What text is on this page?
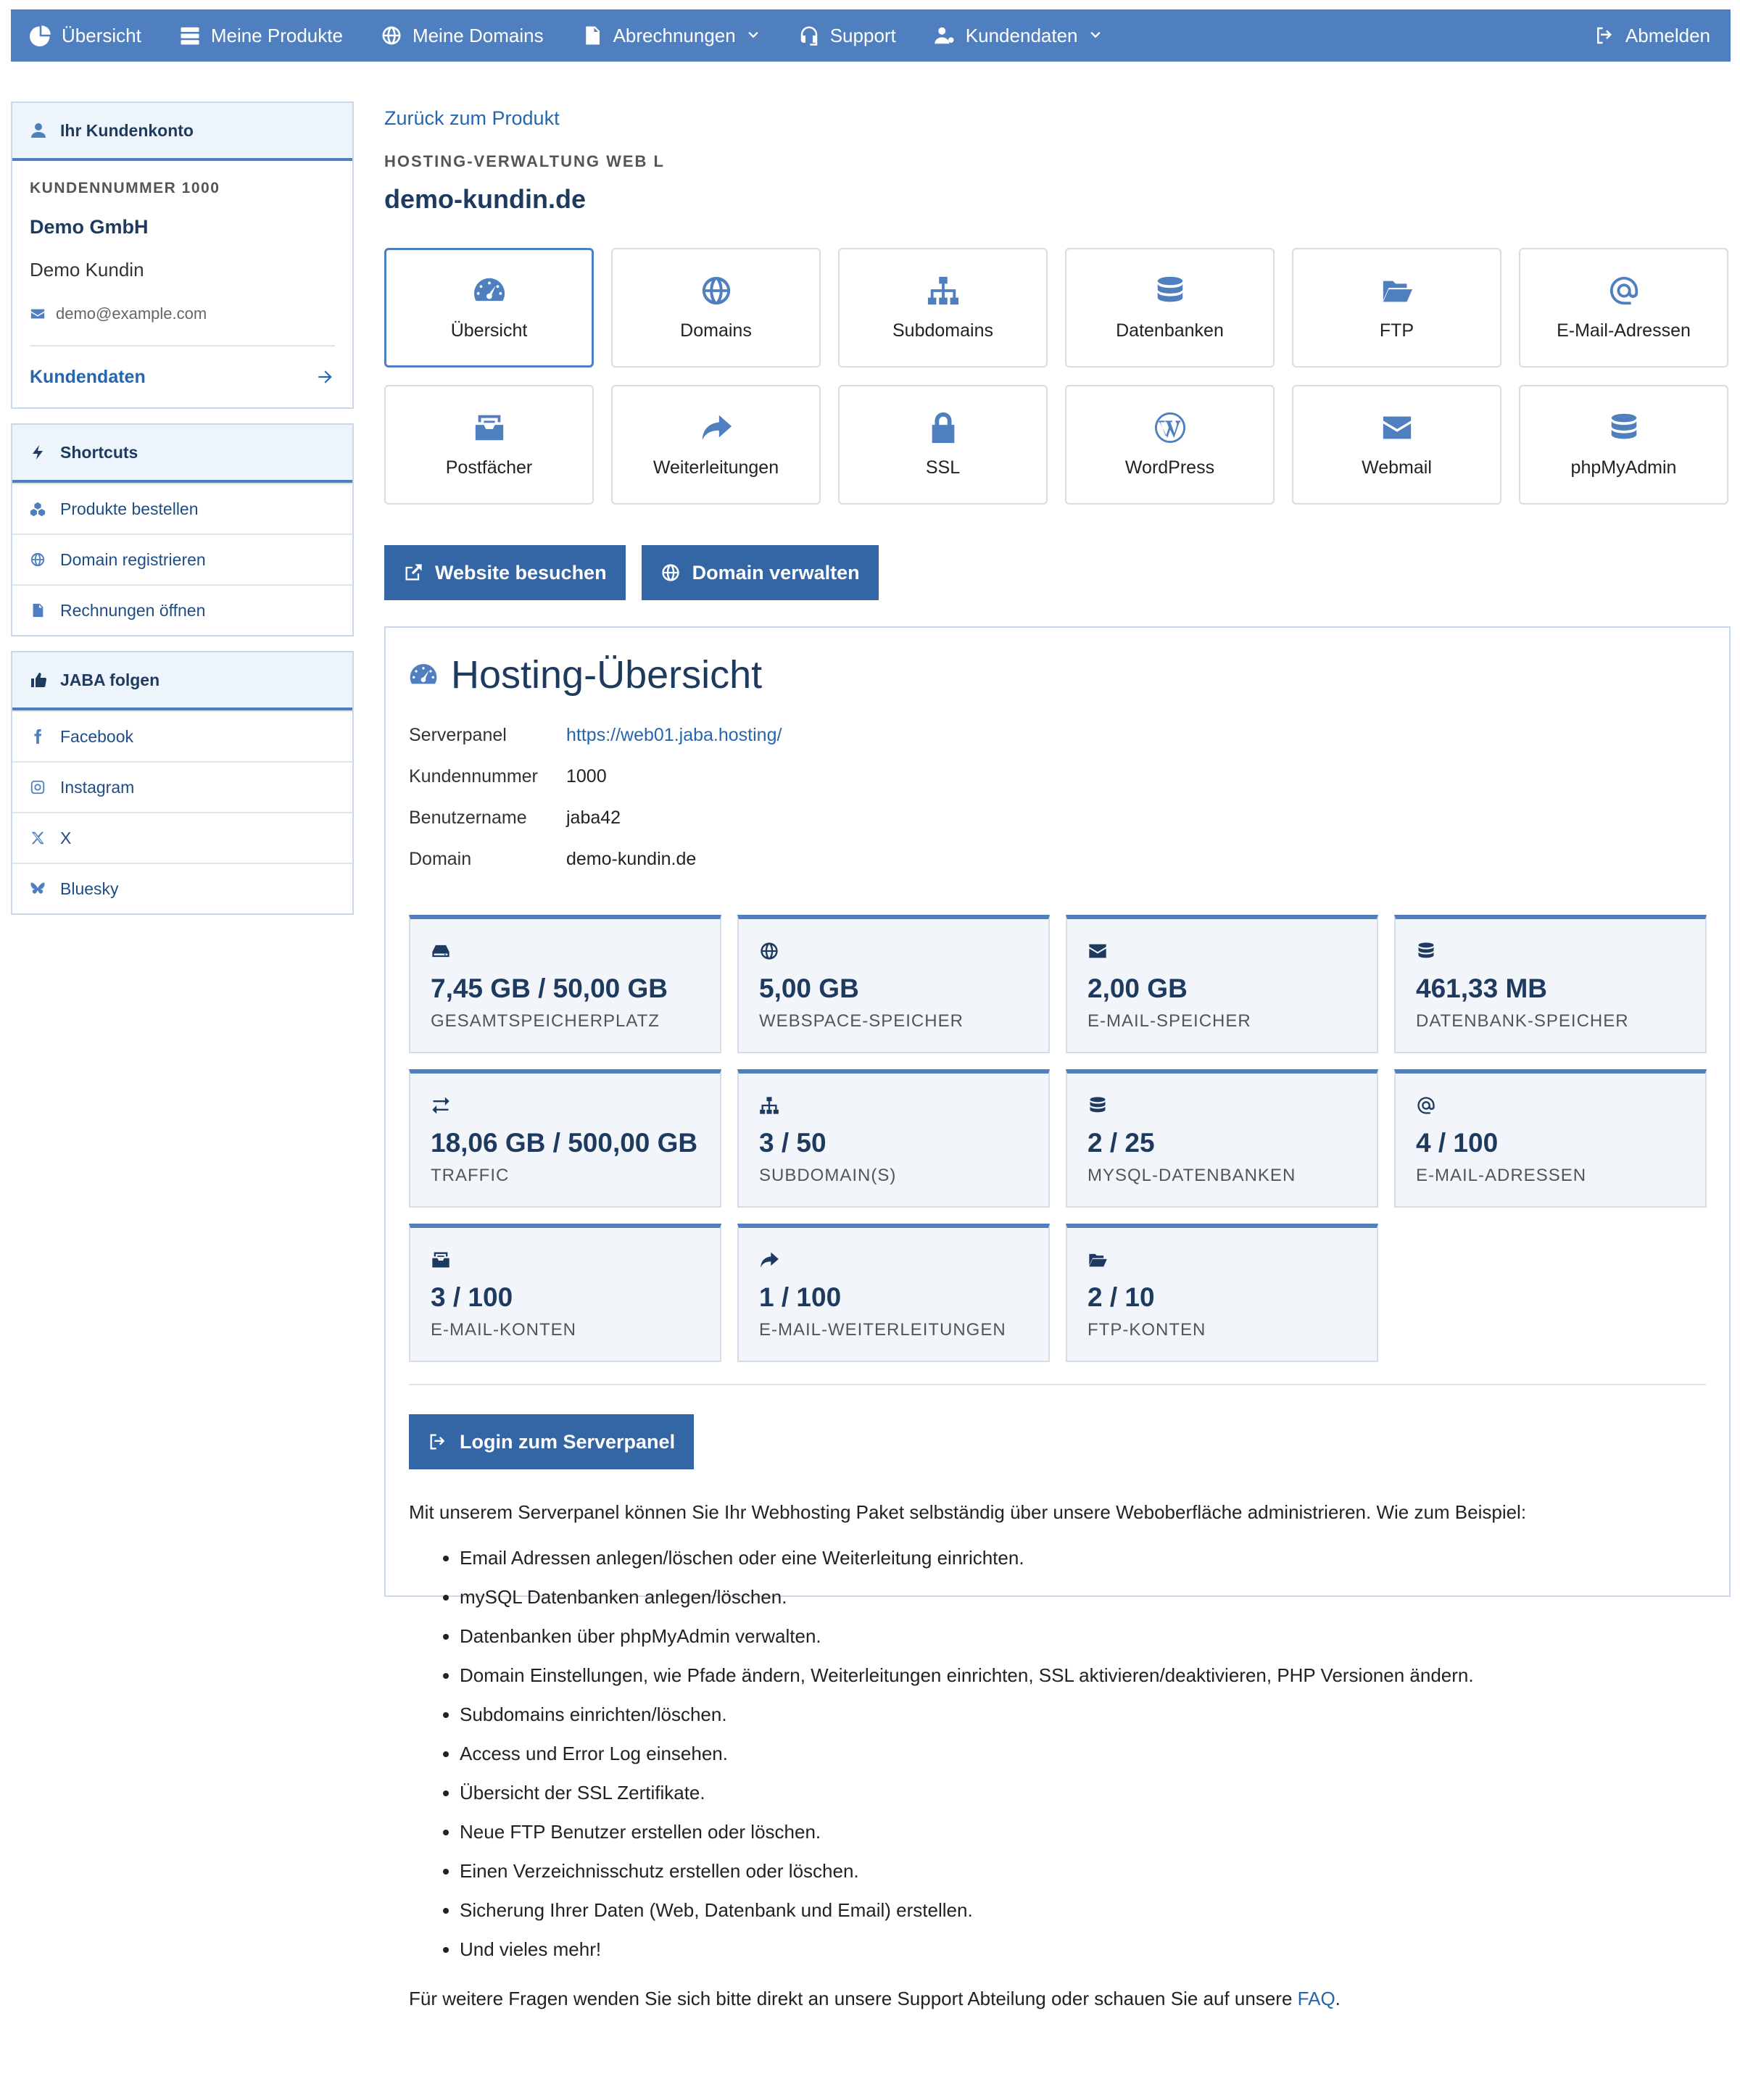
Übersicht	Meine Produkte	Meine Domains	Abrechnungen	Support	Kundendaten	Abmelden
Ihr Kundenkonto
KUNDENNUMMER 1000
Demo GmbH
Demo Kundin
demo@example.com
Kundendaten
Shortcuts
Produkte bestellen
Domain registrieren
Rechnungen öffnen
JABA folgen
Facebook
Instagram
X
Bluesky
Zurück zum Produkt
HOSTING-VERWALTUNG WEB L
demo-kundin.de
Übersicht	Domains	Subdomains	Datenbanken	FTP	E-Mail-Adressen
Postfächer	Weiterleitungen	SSL	WordPress	Webmail	phpMyAdmin
Website besuchen	Domain verwalten
Hosting-Übersicht
Serverpanel	https://web01.jaba.hosting/
Kundennummer	1000
Benutzername	jaba42
Domain	demo-kundin.de
7,45 GB / 50,00 GB
GESAMTSPEICHERPLATZ
5,00 GB
WEBSPACE-SPEICHER
2,00 GB
E-MAIL-SPEICHER
461,33 MB
DATENBANK-SPEICHER
18,06 GB / 500,00 GB
TRAFFIC
3 / 50
SUBDOMAIN(S)
2 / 25
MYSQL-DATENBANKEN
4 / 100
E-MAIL-ADRESSEN
3 / 100
E-MAIL-KONTEN
1 / 100
E-MAIL-WEITERLEITUNGEN
2 / 10
FTP-KONTEN
Login zum Serverpanel

Mit unserem Serverpanel können Sie Ihr Webhosting Paket selbständig über unsere Weboberfläche administrieren. Wie zum Beispiel:

• Email Adressen anlegen/löschen oder eine Weiterleitung einrichten.
• mySQL Datenbanken anlegen/löschen.
• Datenbanken über phpMyAdmin verwalten.
• Domain Einstellungen, wie Pfade ändern, Weiterleitungen einrichten, SSL aktivieren/deaktivieren, PHP Versionen ändern.
• Subdomains einrichten/löschen.
• Access und Error Log einsehen.
• Übersicht der SSL Zertifikate.
• Neue FTP Benutzer erstellen oder löschen.
• Einen Verzeichnisschutz erstellen oder löschen.
• Sicherung Ihrer Daten (Web, Datenbank und Email) erstellen.
• Und vieles mehr!

Für weitere Fragen wenden Sie sich bitte direkt an unsere Support Abteilung oder schauen Sie auf unsere FAQ.
